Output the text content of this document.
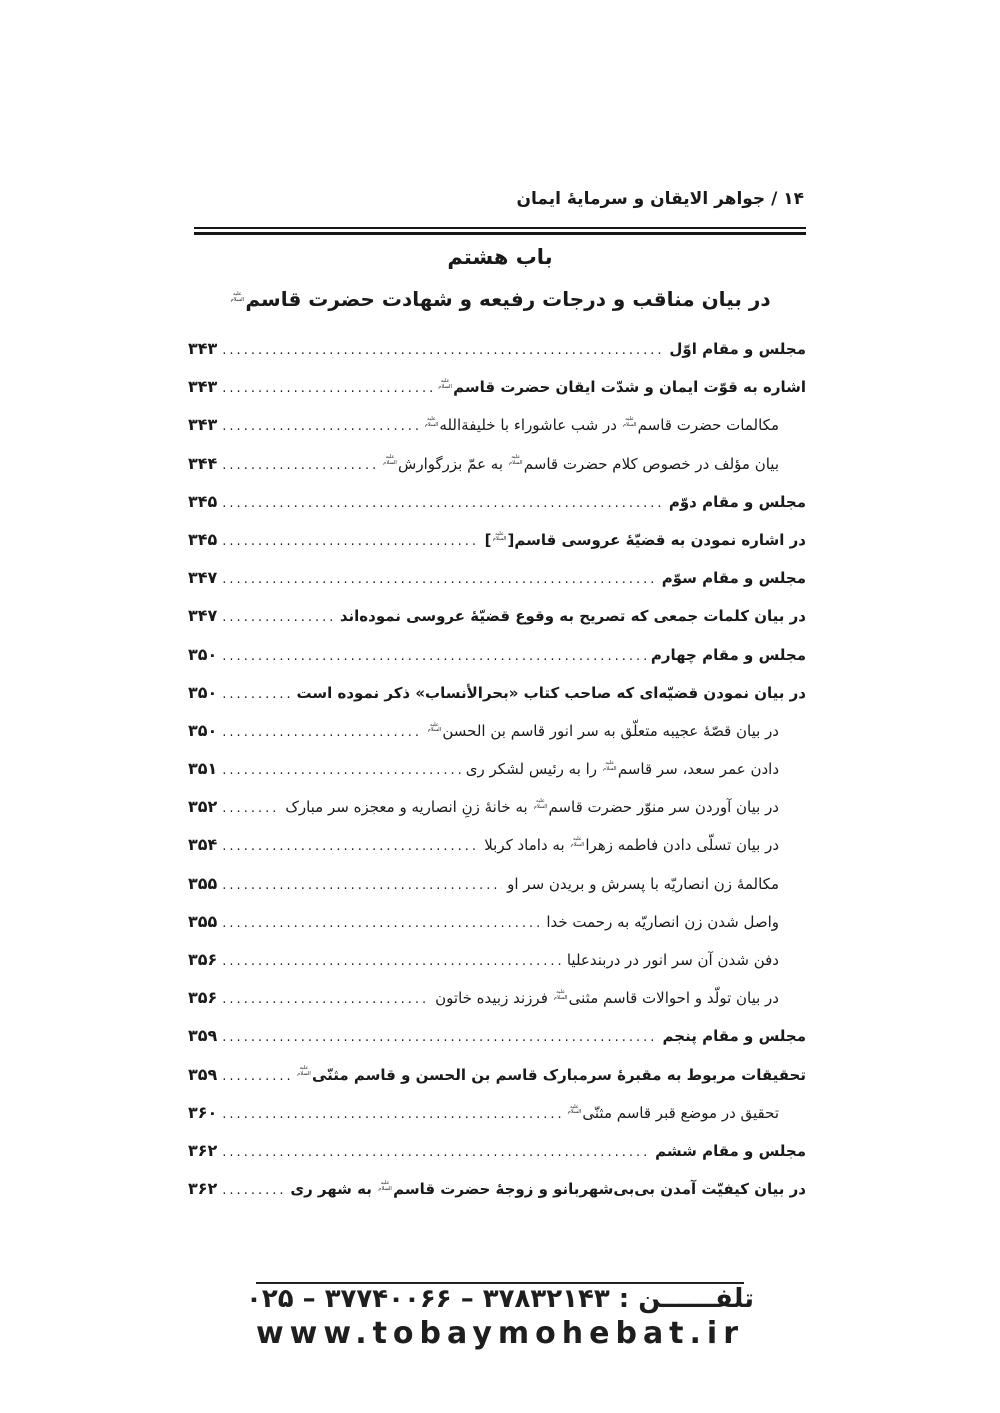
۱۴ / جواهر الایقان و سرمایهٔ ایمان
باب هشتم
در بیان مناقب و درجات رفیعه و شهادت حضرت قاسمعلیه السلام
مجلس و مقام اوّل
.....
۳۴۳
اشاره به قوّت ایمان و شدّت ایقان حضرت قاسمعلیه السلام
.....
۳۴۳
مکالمات حضرت قاسمعلیه السلام در شب عاشوراء با خلیفة‌اللهعلیه السلام
.....
۳۴۳
بیان مؤلف در خصوص کلام حضرت قاسمعلیه السلام به عمّ بزرگوارشعلیه السلام
.....
۳۴۴
مجلس و مقام دوّم
.....
۳۴۵
در اشاره نمودن به قضیّهٔ عروسی قاسم[علیه السلام]
.....
۳۴۵
مجلس و مقام سوّم
.....
۳۴۷
در بیان کلمات جمعی که تصریح به وقوع قضیّهٔ عروسی نموده‌اند
.....
۳۴۷
مجلس و مقام چهارم
.....
۳۵۰
در بیان نمودن قضیّه‌ای که صاحب کتاب «بحرالأنساب» ذکر نموده است
.....
۳۵۰
در بیان قصّهٔ عجیبه متعلّق به سر انور قاسم بن الحسنعلیه السلام
.....
۳۵۰
دادن عمر سعد، سر قاسمعلیه السلام را به رئیس لشکر ری
.....
۳۵۱
در بیان آوردن سر منوّر حضرت قاسمعلیه السلام به خانهٔ زنِ انصاریه و معجزه سر مبارک
.....
۳۵۲
در بیان تسلّی دادن فاطمه زهراعلیه السلام به داماد کربلا
.....
۳۵۴
مکالمهٔ زن انصاریّه با پسرش و بریدن سر او
.....
۳۵۵
واصل شدن زن انصاریّه به رحمت خدا
.....
۳۵۵
دفن شدن آن سر انور در دربندعلیا
.....
۳۵۶
در بیان تولّد و احوالات قاسم مثنیعلیه السلام فرزند زبیده خاتون
.....
۳۵۶
مجلس و مقام پنجم
.....
۳۵۹
تحقیقات مربوط به مقبرهٔ سرمبارک قاسم بن الحسن و قاسم مثنّیعلیه السلام
.....
۳۵۹
تحقیق در موضع قبر قاسم مثنّیعلیه السلام
.....
۳۶۰
مجلس و مقام ششم
.....
۳۶۲
در بیان کیفیّت آمدن بی‌بی‌شهربانو و زوجهٔ حضرت قاسمعلیه السلام به شهر ری
.....
۳۶۲
تلفــــــن : ۳۷۸۳۲۱۴۳ – ۳۷۷۴۰۰۶۶ – ۰۲۵
www.tobaymohebat.ir
